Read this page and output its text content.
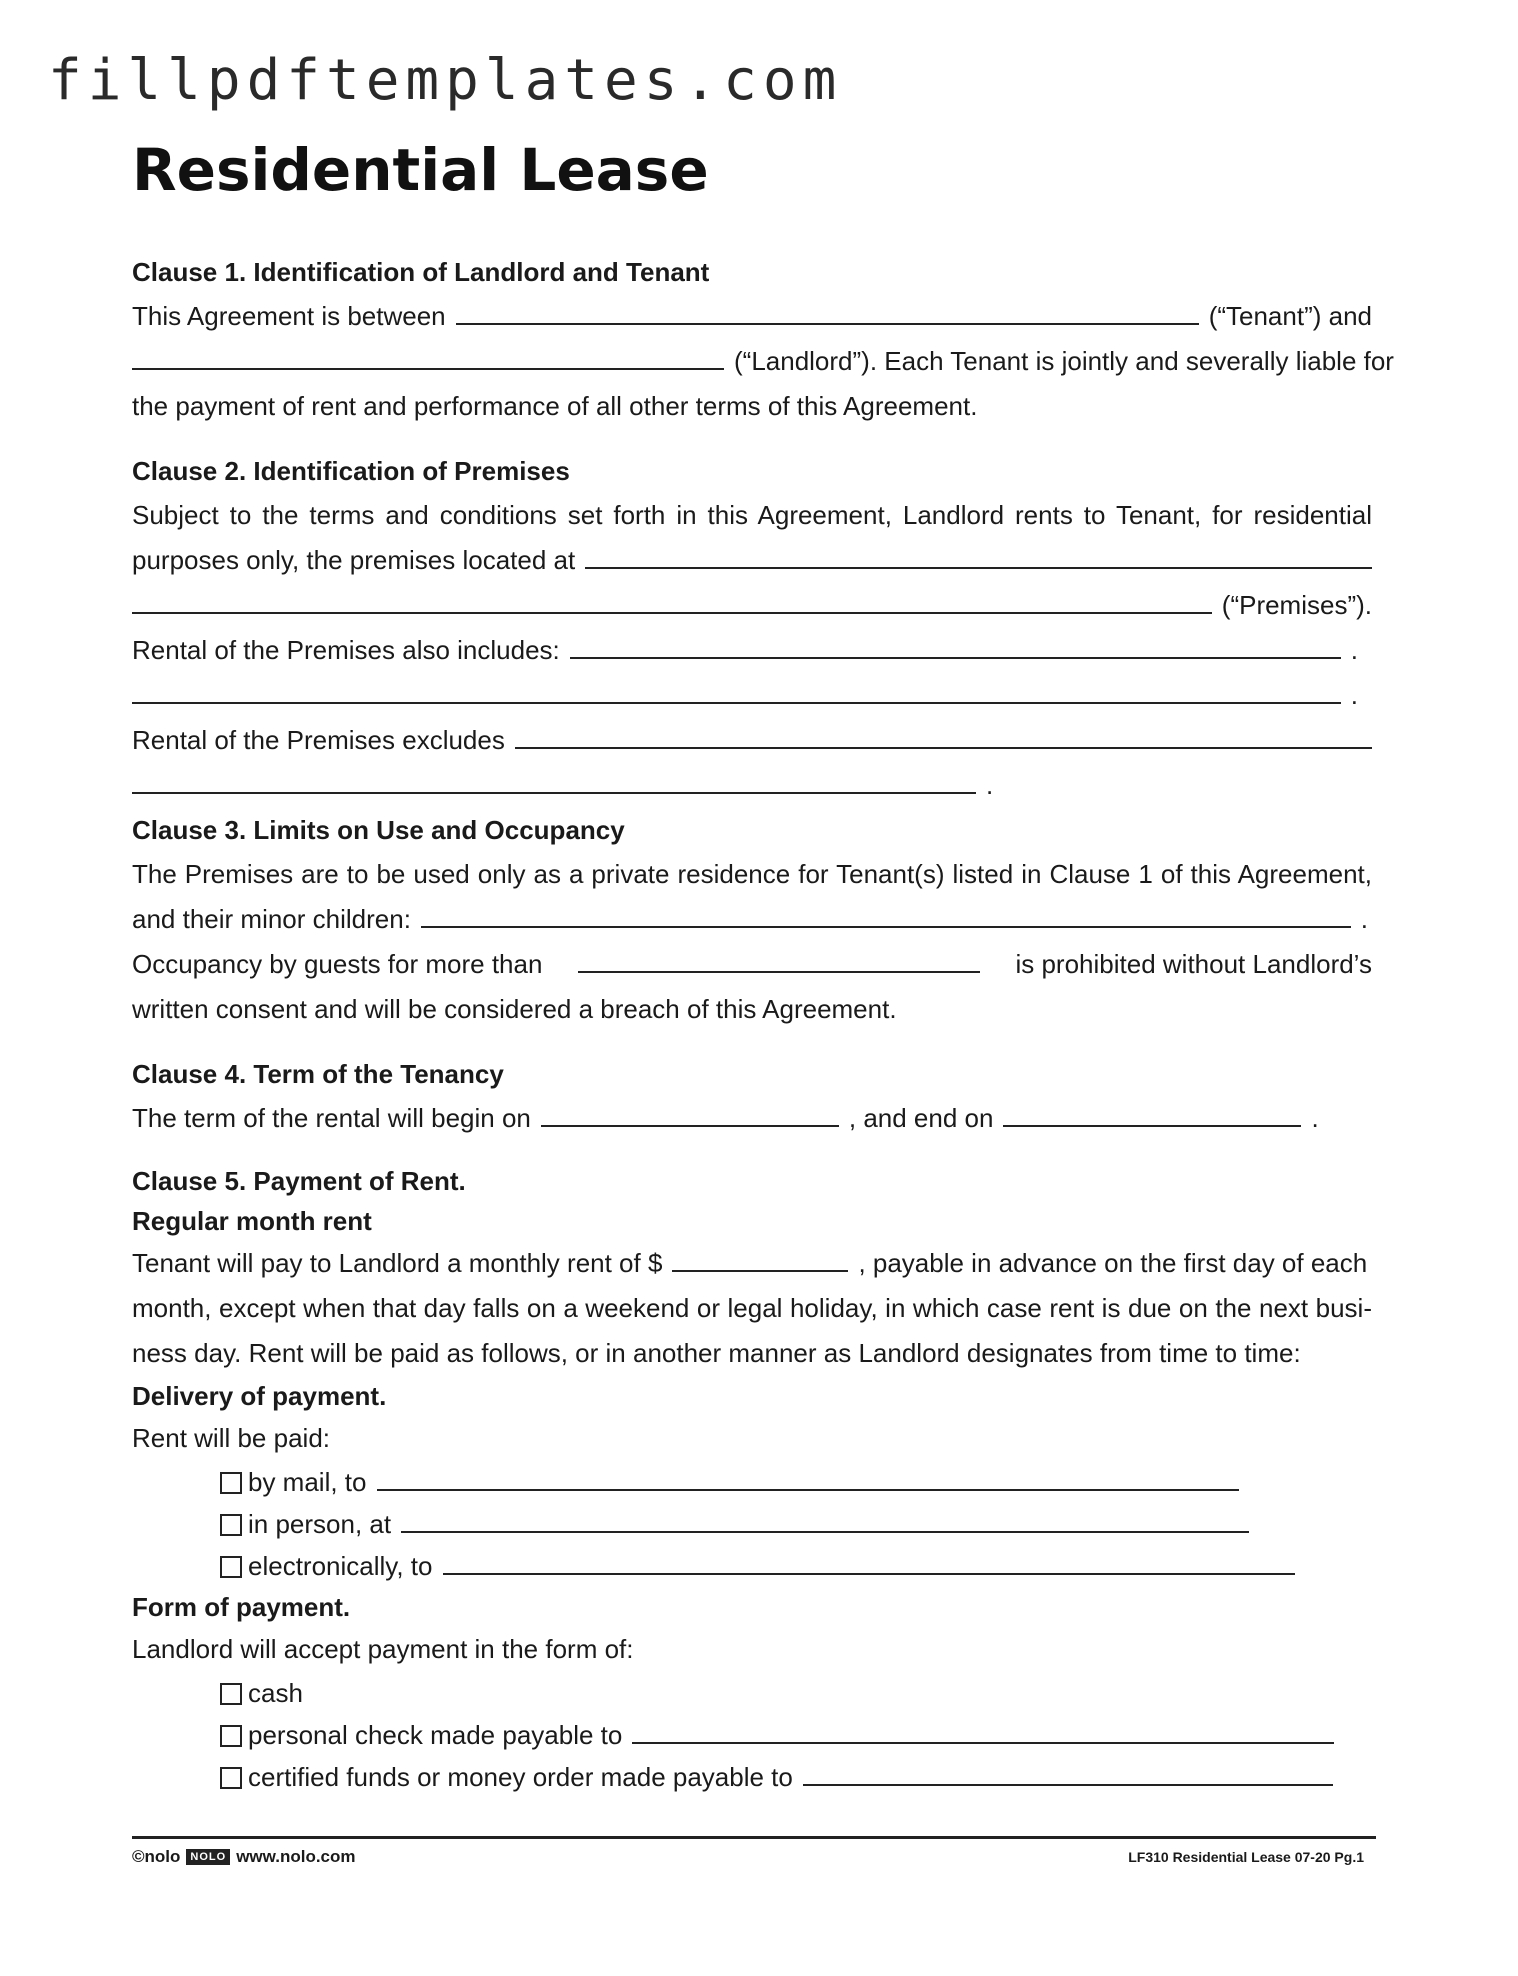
fillpdftemplates.com
Residential Lease
Clause 1. Identification of Landlord and Tenant
This Agreement is between	(“Tenant”) and
(“Landlord”). Each Tenant is jointly and severally liable for
the payment of rent and performance of all other terms of this Agreement.
Clause 2. Identification of Premises
Subject to the terms and conditions set forth in this Agreement, Landlord rents to Tenant, for residential
purposes only, the premises located at
(“Premises”).
Rental of the Premises also includes:	.
.
Rental of the Premises excludes
.
Clause 3. Limits on Use and Occupancy
The Premises are to be used only as a private residence for Tenant(s) listed in Clause 1 of this Agreement,
and their minor children:	.
Occupancy by guests for more than	is prohibited without Landlord’s
written consent and will be considered a breach of this Agreement.
Clause 4. Term of the Tenancy
The term of the rental will begin on	, and end on	.
Clause 5. Payment of Rent.
Regular month rent
Tenant will pay to Landlord a monthly rent of $	, payable in advance on the first day of each
month, except when that day falls on a weekend or legal holiday, in which case rent is due on the next busi-
ness day. Rent will be paid as follows, or in another manner as Landlord designates from time to time:
Delivery of payment.
Rent will be paid:
by mail, to
in person, at
electronically, to
Form of payment.
Landlord will accept payment in the form of:
cash
personal check made payable to
certified funds or money order made payable to
©nolo NOLO www.nolo.com	LF310 Residential Lease 07-20 Pg.1
